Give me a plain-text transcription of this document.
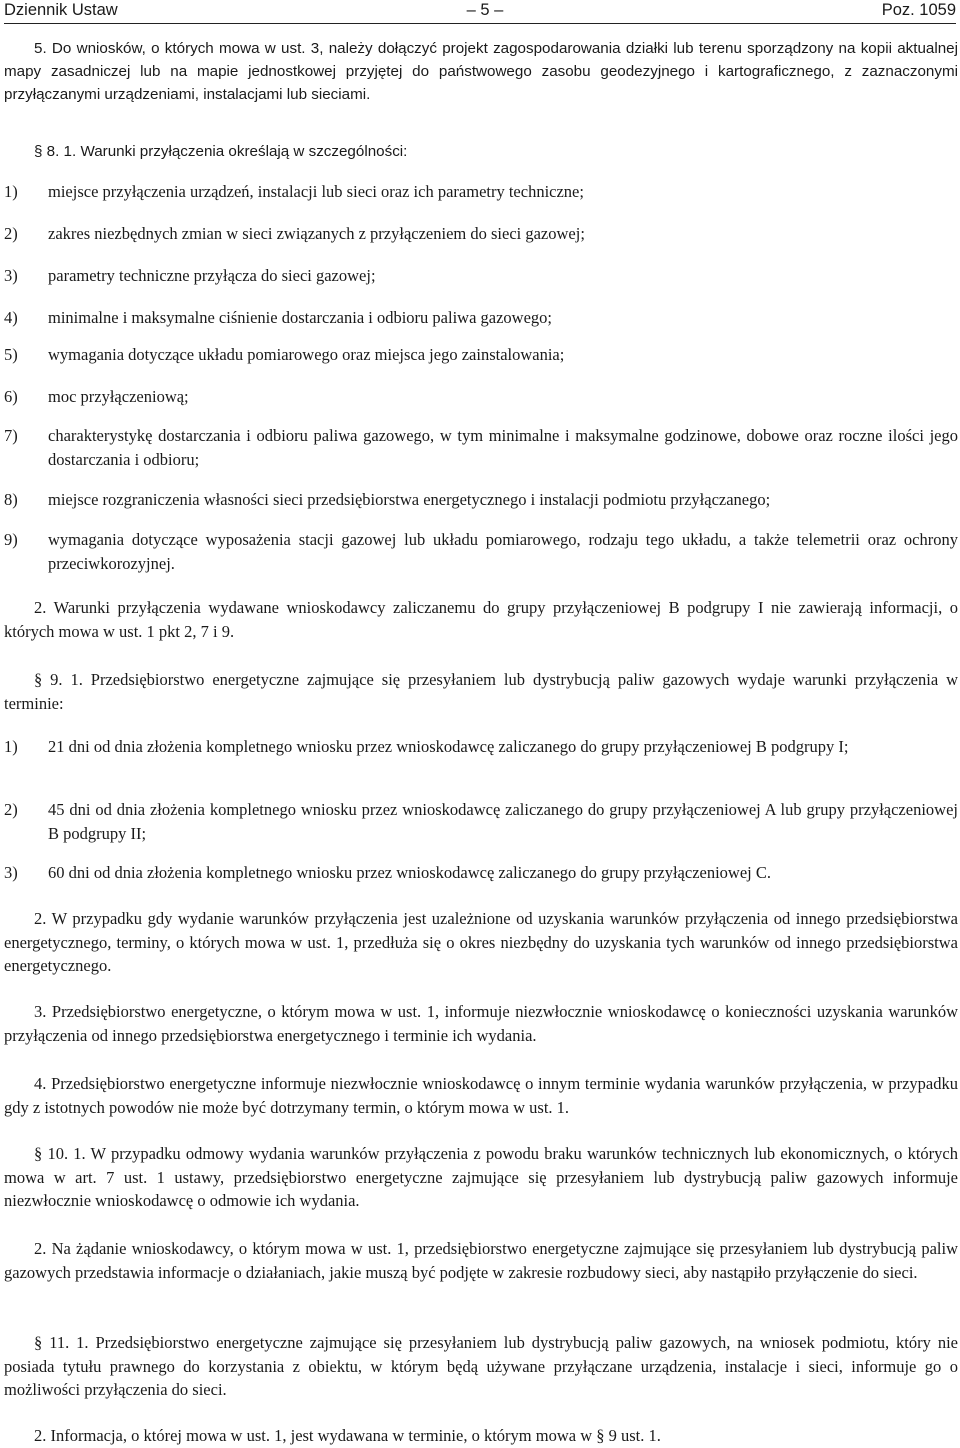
Dziennik Ustaw	– 5 –	Poz. 1059

5. Do wniosków, o których mowa w ust. 3, należy dołączyć projekt zagospodarowania działki lub terenu sporządzony na kopii aktualnej mapy zasadniczej lub na mapie jednostkowej przyjętej do państwowego zasobu geodezyjnego i kartograficznego, z zaznaczonymi przyłączanymi urządzeniami, instalacjami lub sieciami.

§ 8. 1. Warunki przyłączenia określają w szczególności:

1) miejsce przyłączenia urządzeń, instalacji lub sieci oraz ich parametry techniczne;
2) zakres niezbędnych zmian w sieci związanych z przyłączeniem do sieci gazowej;
3) parametry techniczne przyłącza do sieci gazowej;
4) minimalne i maksymalne ciśnienie dostarczania i odbioru paliwa gazowego;
5) wymagania dotyczące układu pomiarowego oraz miejsca jego zainstalowania;
6) moc przyłączeniową;
7) charakterystykę dostarczania i odbioru paliwa gazowego, w tym minimalne i maksymalne godzinowe, dobowe oraz roczne ilości jego dostarczania i odbioru;
8) miejsce rozgraniczenia własności sieci przedsiębiorstwa energetycznego i instalacji podmiotu przyłączanego;
9) wymagania dotyczące wyposażenia stacji gazowej lub układu pomiarowego, rodzaju tego układu, a także telemetrii oraz ochrony przeciwkorozyjnej.

2. Warunki przyłączenia wydawane wnioskodawcy zaliczanemu do grupy przyłączeniowej B podgrupy I nie zawierają informacji, o których mowa w ust. 1 pkt 2, 7 i 9.

§ 9. 1. Przedsiębiorstwo energetyczne zajmujące się przesyłaniem lub dystrybucją paliw gazowych wydaje warunki przyłączenia w terminie:

1) 21 dni od dnia złożenia kompletnego wniosku przez wnioskodawcę zaliczanego do grupy przyłączeniowej B podgrupy I;
2) 45 dni od dnia złożenia kompletnego wniosku przez wnioskodawcę zaliczanego do grupy przyłączeniowej A lub grupy przyłączeniowej B podgrupy II;
3) 60 dni od dnia złożenia kompletnego wniosku przez wnioskodawcę zaliczanego do grupy przyłączeniowej C.

2. W przypadku gdy wydanie warunków przyłączenia jest uzależnione od uzyskania warunków przyłączenia od innego przedsiębiorstwa energetycznego, terminy, o których mowa w ust. 1, przedłuża się o okres niezbędny do uzyskania tych warunków od innego przedsiębiorstwa energetycznego.

3. Przedsiębiorstwo energetyczne, o którym mowa w ust. 1, informuje niezwłocznie wnioskodawcę o konieczności uzyskania warunków przyłączenia od innego przedsiębiorstwa energetycznego i terminie ich wydania.

4. Przedsiębiorstwo energetyczne informuje niezwłocznie wnioskodawcę o innym terminie wydania warunków przyłączenia, w przypadku gdy z istotnych powodów nie może być dotrzymany termin, o którym mowa w ust. 1.

§ 10. 1. W przypadku odmowy wydania warunków przyłączenia z powodu braku warunków technicznych lub ekonomicznych, o których mowa w art. 7 ust. 1 ustawy, przedsiębiorstwo energetyczne zajmujące się przesyłaniem lub dystrybucją paliw gazowych informuje niezwłocznie wnioskodawcę o odmowie ich wydania.

2. Na żądanie wnioskodawcy, o którym mowa w ust. 1, przedsiębiorstwo energetyczne zajmujące się przesyłaniem lub dystrybucją paliw gazowych przedstawia informacje o działaniach, jakie muszą być podjęte w zakresie rozbudowy sieci, aby nastąpiło przyłączenie do sieci.

§ 11. 1. Przedsiębiorstwo energetyczne zajmujące się przesyłaniem lub dystrybucją paliw gazowych, na wniosek podmiotu, który nie posiada tytułu prawnego do korzystania z obiektu, w którym będą używane przyłączane urządzenia, instalacje i sieci, informuje go o możliwości przyłączenia do sieci.

2. Informacja, o której mowa w ust. 1, jest wydawana w terminie, o którym mowa w § 9 ust. 1.
